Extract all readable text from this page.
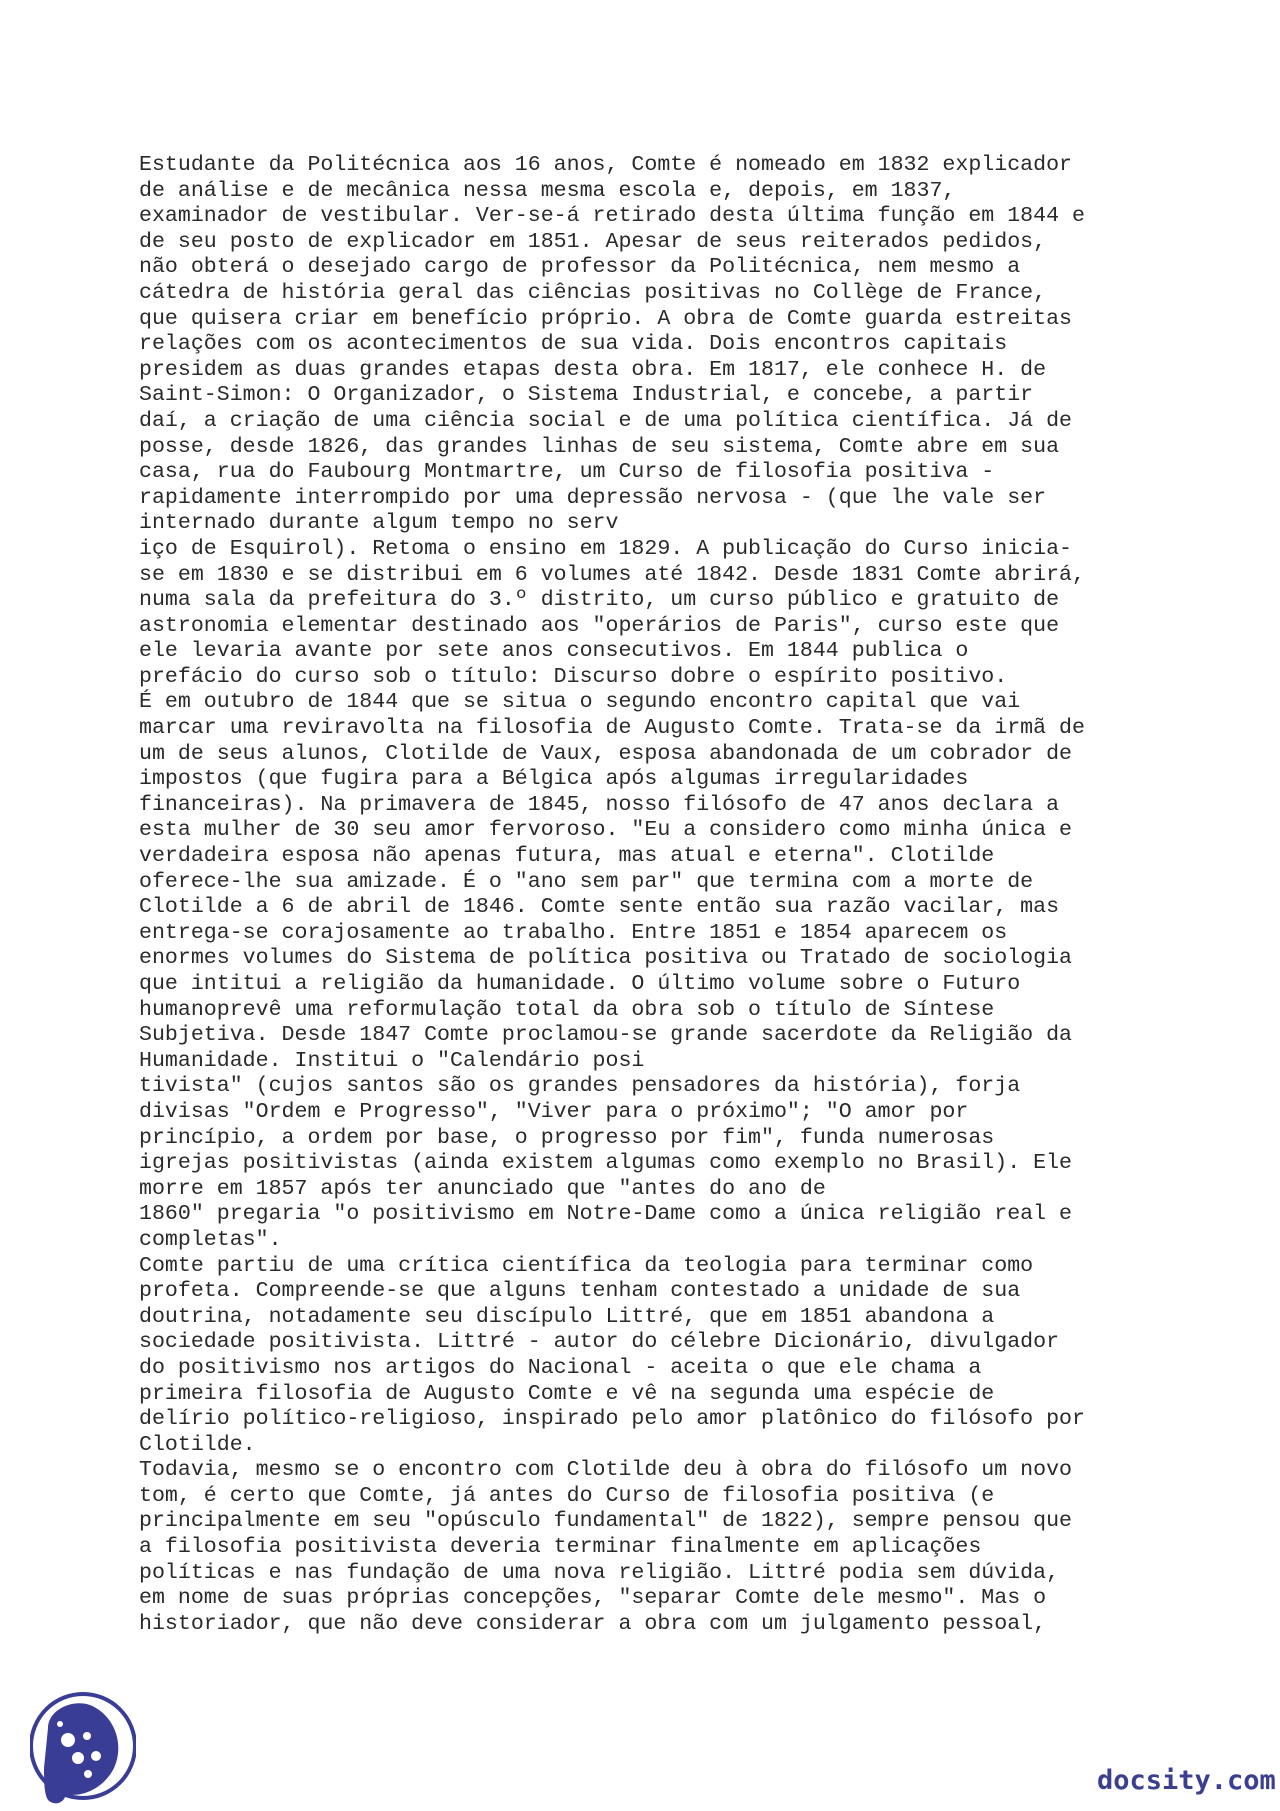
Estudante da Politécnica aos 16 anos, Comte é nomeado em 1832 explicador
de análise e de mecânica nessa mesma escola e, depois, em 1837,
examinador de vestibular. Ver-se-á retirado desta última função em 1844 e
de seu posto de explicador em 1851. Apesar de seus reiterados pedidos,
não obterá o desejado cargo de professor da Politécnica, nem mesmo a
cátedra de história geral das ciências positivas no Collège de France,
que quisera criar em benefício próprio. A obra de Comte guarda estreitas
relações com os acontecimentos de sua vida. Dois encontros capitais
presidem as duas grandes etapas desta obra. Em 1817, ele conhece H. de
Saint-Simon: O Organizador, o Sistema Industrial, e concebe, a partir
daí, a criação de uma ciência social e de uma política científica. Já de
posse, desde 1826, das grandes linhas de seu sistema, Comte abre em sua
casa, rua do Faubourg Montmartre, um Curso de filosofia positiva -
rapidamente interrompido por uma depressão nervosa - (que lhe vale ser
internado durante algum tempo no serv
iço de Esquirol). Retoma o ensino em 1829. A publicação do Curso inicia-
se em 1830 e se distribui em 6 volumes até 1842. Desde 1831 Comte abrirá,
numa sala da prefeitura do 3.º distrito, um curso público e gratuito de
astronomia elementar destinado aos "operários de Paris", curso este que
ele levaria avante por sete anos consecutivos. Em 1844 publica o
prefácio do curso sob o título: Discurso dobre o espírito positivo.
É em outubro de 1844 que se situa o segundo encontro capital que vai
marcar uma reviravolta na filosofia de Augusto Comte. Trata-se da irmã de
um de seus alunos, Clotilde de Vaux, esposa abandonada de um cobrador de
impostos (que fugira para a Bélgica após algumas irregularidades
financeiras). Na primavera de 1845, nosso filósofo de 47 anos declara a
esta mulher de 30 seu amor fervoroso. "Eu a considero como minha única e
verdadeira esposa não apenas futura, mas atual e eterna". Clotilde
oferece-lhe sua amizade. É o "ano sem par" que termina com a morte de
Clotilde a 6 de abril de 1846. Comte sente então sua razão vacilar, mas
entrega-se corajosamente ao trabalho. Entre 1851 e 1854 aparecem os
enormes volumes do Sistema de política positiva ou Tratado de sociologia
que intitui a religião da humanidade. O último volume sobre o Futuro
humanoprevê uma reformulação total da obra sob o título de Síntese
Subjetiva. Desde 1847 Comte proclamou-se grande sacerdote da Religião da
Humanidade. Institui o "Calendário posi
tivista" (cujos santos são os grandes pensadores da história), forja
divisas "Ordem e Progresso", "Viver para o próximo"; "O amor por
princípio, a ordem por base, o progresso por fim", funda numerosas
igrejas positivistas (ainda existem algumas como exemplo no Brasil). Ele
morre em 1857 após ter anunciado que "antes do ano de
1860" pregaria "o positivismo em Notre-Dame como a única religião real e
completas".
Comte partiu de uma crítica científica da teologia para terminar como
profeta. Compreende-se que alguns tenham contestado a unidade de sua
doutrina, notadamente seu discípulo Littré, que em 1851 abandona a
sociedade positivista. Littré - autor do célebre Dicionário, divulgador
do positivismo nos artigos do Nacional - aceita o que ele chama a
primeira filosofia de Augusto Comte e vê na segunda uma espécie de
delírio político-religioso, inspirado pelo amor platônico do filósofo por
Clotilde.
Todavia, mesmo se o encontro com Clotilde deu à obra do filósofo um novo
tom, é certo que Comte, já antes do Curso de filosofia positiva (e
principalmente em seu "opúsculo fundamental" de 1822), sempre pensou que
a filosofia positivista deveria terminar finalmente em aplicações
políticas e nas fundação de uma nova religião. Littré podia sem dúvida,
em nome de suas próprias concepções, "separar Comte dele mesmo". Mas o
historiador, que não deve considerar a obra com um julgamento pessoal,
docsity.com
